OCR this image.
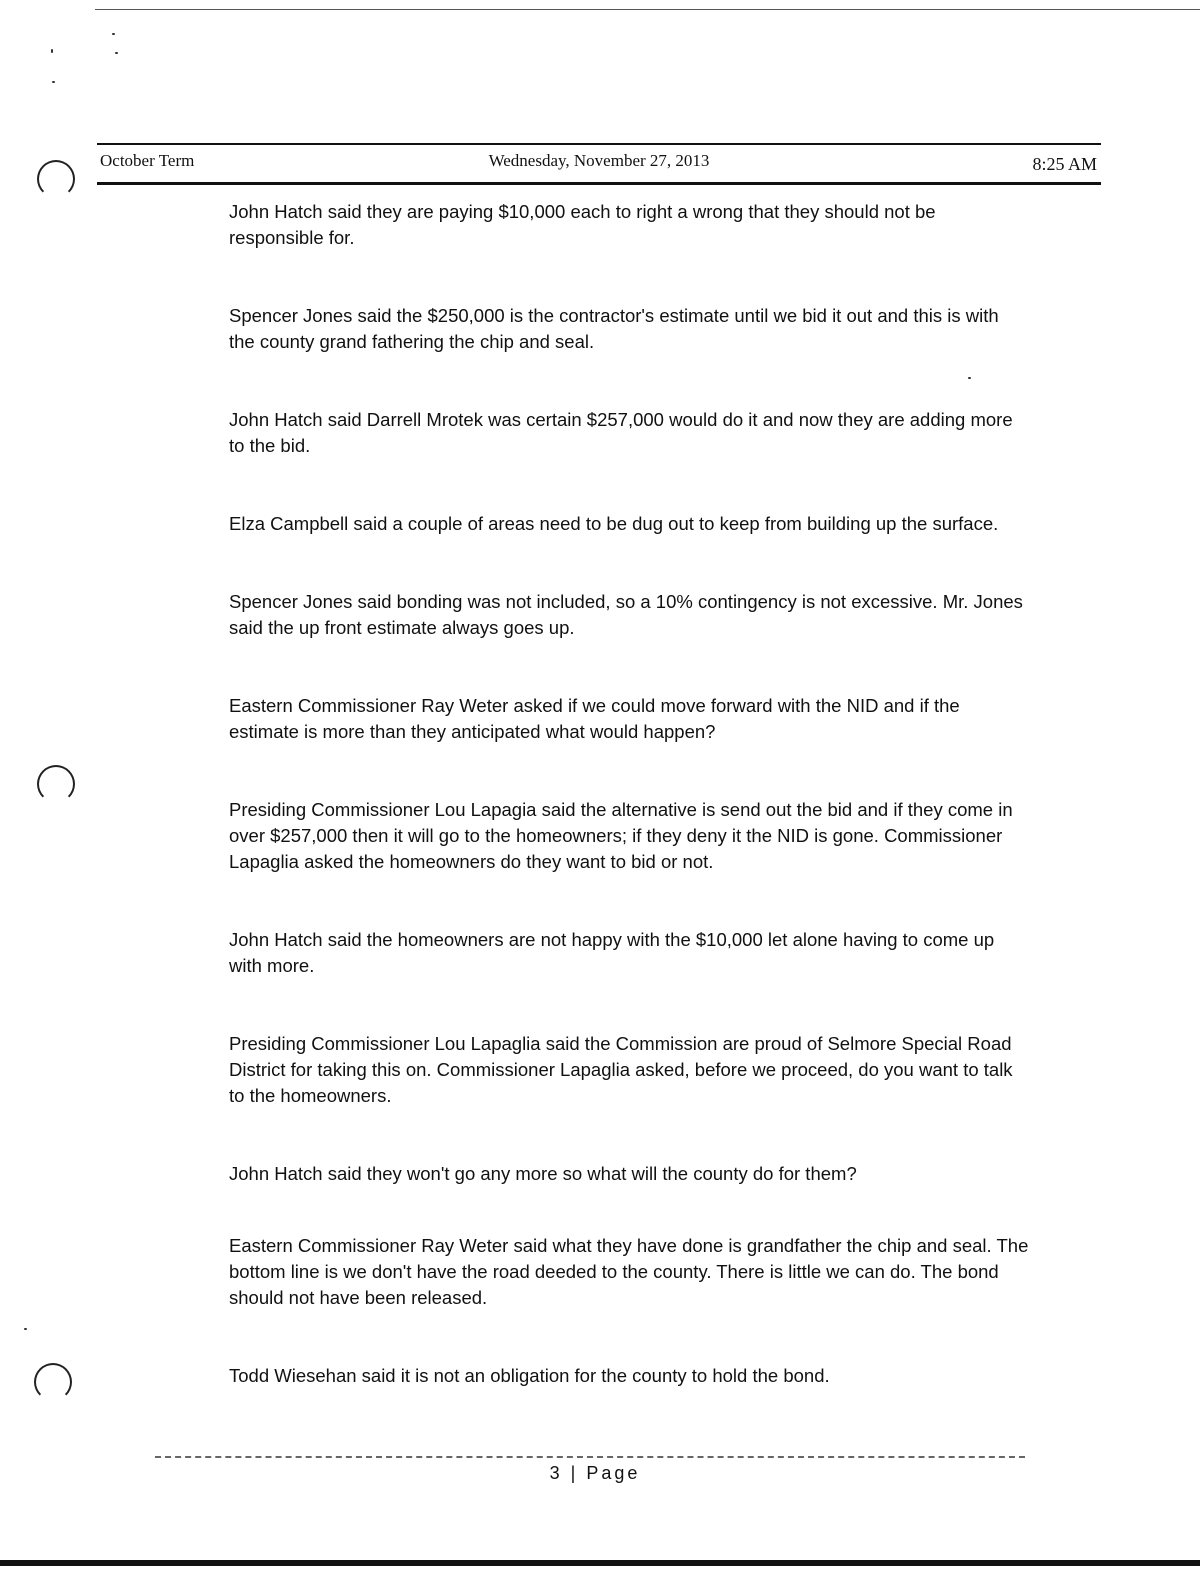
October Term	Wednesday, November 27, 2013	8:25 AM

John Hatch said they are paying $10,000 each to right a wrong that they should not be responsible for.

Spencer Jones said the $250,000 is the contractor's estimate until we bid it out and this is with the county grand fathering the chip and seal.

John Hatch said Darrell Mrotek was certain $257,000 would do it and now they are adding more to the bid.

Elza Campbell said a couple of areas need to be dug out to keep from building up the surface.

Spencer Jones said bonding was not included, so a 10% contingency is not excessive. Mr. Jones said the up front estimate always goes up.

Eastern Commissioner Ray Weter asked if we could move forward with the NID and if the estimate is more than they anticipated what would happen?

Presiding Commissioner Lou Lapagia said the alternative is send out the bid and if they come in over $257,000 then it will go to the homeowners; if they deny it the NID is gone. Commissioner Lapaglia asked the homeowners do they want to bid or not.

John Hatch said the homeowners are not happy with the $10,000 let alone having to come up with more.

Presiding Commissioner Lou Lapaglia said the Commission are proud of Selmore Special Road District for taking this on. Commissioner Lapaglia asked, before we proceed, do you want to talk to the homeowners.

John Hatch said they won't go any more so what will the county do for them?

Eastern Commissioner Ray Weter said what they have done is grandfather the chip and seal. The bottom line is we don't have the road deeded to the county. There is little we can do. The bond should not have been released.

Todd Wiesehan said it is not an obligation for the county to hold the bond.

3 | Page
